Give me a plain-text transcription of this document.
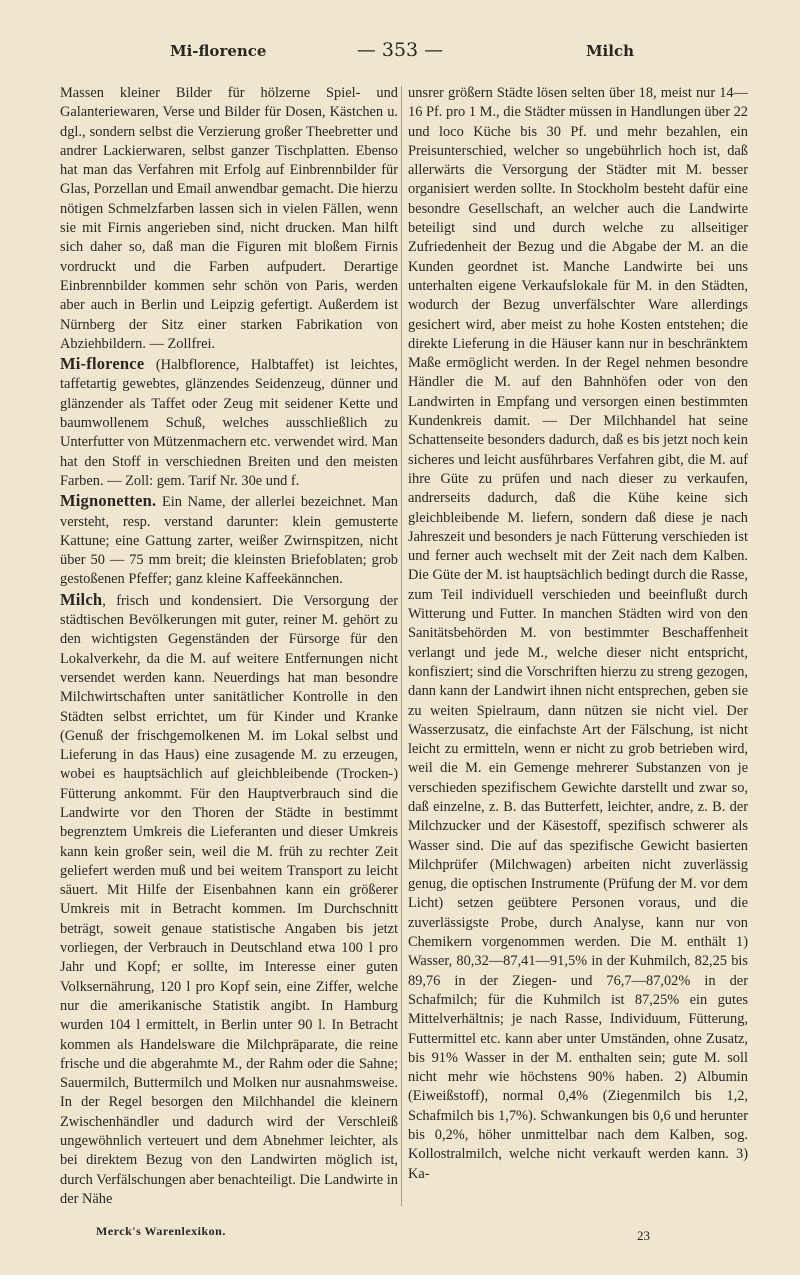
Mi-florence	— 353 —	Milch

Massen kleiner Bilder für hölzerne Spiel- und Galanteriewaren, Verse und Bilder für Dosen, Kästchen u. dgl., sondern selbst die Verzierung großer Theebretter und andrer Lackierwaren, selbst ganzer Tischplatten. Ebenso hat man das Verfahren mit Erfolg auf Einbrennbilder für Glas, Porzellan und Email anwendbar gemacht. Die hierzu nötigen Schmelzfarben lassen sich in vielen Fällen, wenn sie mit Firnis angerieben sind, nicht drucken. Man hilft sich daher so, daß man die Figuren mit bloßem Firnis vordruckt und die Farben aufpudert. Derartige Einbrennbilder kommen sehr schön von Paris, werden aber auch in Berlin und Leipzig gefertigt. Außerdem ist Nürnberg der Sitz einer starken Fabrikation von Abziehbildern. — Zollfrei.

Mi-florence (Halbflorence, Halbtaffet) ist leichtes, taffetartig gewebtes, glänzendes Seidenzeug, dünner und glänzender als Taffet oder Zeug mit seidener Kette und baumwollenem Schuß, welches ausschließlich zu Unterfutter von Mützenmachern etc. verwendet wird. Man hat den Stoff in verschiednen Breiten und den meisten Farben. — Zoll: gem. Tarif Nr. 30e und f.

Mignonetten. Ein Name, der allerlei bezeichnet. Man versteht, resp. verstand darunter: klein gemusterte Kattune; eine Gattung zarter, weißer Zwirnspitzen, nicht über 50 — 75 mm breit; die kleinsten Briefoblaten; grob gestoßenen Pfeffer; ganz kleine Kaffeekännchen.

Milch, frisch und kondensiert. Die Versorgung der städtischen Bevölkerungen mit guter, reiner M. gehört zu den wichtigsten Gegenständen der Fürsorge für den Lokalverkehr, da die M. auf weitere Entfernungen nicht versendet werden kann. Neuerdings hat man besondre Milchwirtschaften unter sanitätlicher Kontrolle in den Städten selbst errichtet, um für Kinder und Kranke (Genuß der frischgemolkenen M. im Lokal selbst und Lieferung in das Haus) eine zusagende M. zu erzeugen, wobei es hauptsächlich auf gleichbleibende (Trocken-) Fütterung ankommt. Für den Hauptverbrauch sind die Landwirte vor den Thoren der Städte in bestimmt begrenztem Umkreis die Lieferanten und dieser Umkreis kann kein großer sein, weil die M. früh zu rechter Zeit geliefert werden muß und bei weitem Transport zu leicht säuert. Mit Hilfe der Eisenbahnen kann ein größerer Umkreis mit in Betracht kommen. Im Durchschnitt beträgt, soweit genaue statistische Angaben bis jetzt vorliegen, der Verbrauch in Deutschland etwa 100 l pro Jahr und Kopf; er sollte, im Interesse einer guten Volksernährung, 120 l pro Kopf sein, eine Ziffer, welche nur die amerikanische Statistik angibt. In Hamburg wurden 104 l ermittelt, in Berlin unter 90 l. In Betracht kommen als Handelsware die Milchpräparate, die reine frische und die abgerahmte M., der Rahm oder die Sahne; Sauermilch, Buttermilch und Molken nur ausnahmsweise. In der Regel besorgen den Milchhandel die kleinern Zwischenhändler und dadurch wird der Verschleiß ungewöhnlich verteuert und dem Abnehmer leichter, als bei direktem Bezug von den Landwirten möglich ist, durch Verfälschungen aber benachteiligt. Die Landwirte in der Nähe

unsrer größern Städte lösen selten über 18, meist nur 14—16 Pf. pro 1 M., die Städter müssen in Handlungen über 22 und loco Küche bis 30 Pf. und mehr bezahlen, ein Preisunterschied, welcher so ungebührlich hoch ist, daß allerwärts die Versorgung der Städter mit M. besser organisiert werden sollte. In Stockholm besteht dafür eine besondre Gesellschaft, an welcher auch die Landwirte beteiligt sind und durch welche zu allseitiger Zufriedenheit der Bezug und die Abgabe der M. an die Kunden geordnet ist. Manche Landwirte bei uns unterhalten eigene Verkaufslokale für M. in den Städten, wodurch der Bezug unverfälschter Ware allerdings gesichert wird, aber meist zu hohe Kosten entstehen; die direkte Lieferung in die Häuser kann nur in beschränktem Maße ermöglicht werden. In der Regel nehmen besondre Händler die M. auf den Bahnhöfen oder von den Landwirten in Empfang und versorgen einen bestimmten Kundenkreis damit. — Der Milchhandel hat seine Schattenseite besonders dadurch, daß es bis jetzt noch kein sicheres und leicht ausführbares Verfahren gibt, die M. auf ihre Güte zu prüfen und nach dieser zu verkaufen, andrerseits dadurch, daß die Kühe keine sich gleichbleibende M. liefern, sondern daß diese je nach Jahreszeit und besonders je nach Fütterung verschieden ist und ferner auch wechselt mit der Zeit nach dem Kalben. Die Güte der M. ist hauptsächlich bedingt durch die Rasse, zum Teil individuell verschieden und beeinflußt durch Witterung und Futter. In manchen Städten wird von den Sanitätsbehörden M. von bestimmter Beschaffenheit verlangt und jede M., welche dieser nicht entspricht, konfisziert; sind die Vorschriften hierzu zu streng gezogen, dann kann der Landwirt ihnen nicht entsprechen, geben sie zu weiten Spielraum, dann nützen sie nicht viel. Der Wasserzusatz, die einfachste Art der Fälschung, ist nicht leicht zu ermitteln, wenn er nicht zu grob betrieben wird, weil die M. ein Gemenge mehrerer Substanzen von je verschieden spezifischem Gewichte darstellt und zwar so, daß einzelne, z. B. das Butterfett, leichter, andre, z. B. der Milchzucker und der Käsestoff, spezifisch schwerer als Wasser sind. Die auf das spezifische Gewicht basierten Milchprüfer (Milchwagen) arbeiten nicht zuverlässig genug, die optischen Instrumente (Prüfung der M. vor dem Licht) setzen geübtere Personen voraus, und die zuverlässigste Probe, durch Analyse, kann nur von Chemikern vorgenommen werden. Die M. enthält 1) Wasser, 80,32—87,41—91,5% in der Kuhmilch, 82,25 bis 89,76 in der Ziegen- und 76,7—87,02% in der Schafmilch; für die Kuhmilch ist 87,25% ein gutes Mittelverhältnis; je nach Rasse, Individuum, Fütterung, Futtermittel etc. kann aber unter Umständen, ohne Zusatz, bis 91% Wasser in der M. enthalten sein; gute M. soll nicht mehr wie höchstens 90% haben. 2) Albumin (Eiweißstoff), normal 0,4% (Ziegenmilch bis 1,2, Schafmilch bis 1,7%). Schwankungen bis 0,6 und herunter bis 0,2%, höher unmittelbar nach dem Kalben, sog. Kollostralmilch, welche nicht verkauft werden kann. 3) Ka-

Merck's Warenlexikon.	23
